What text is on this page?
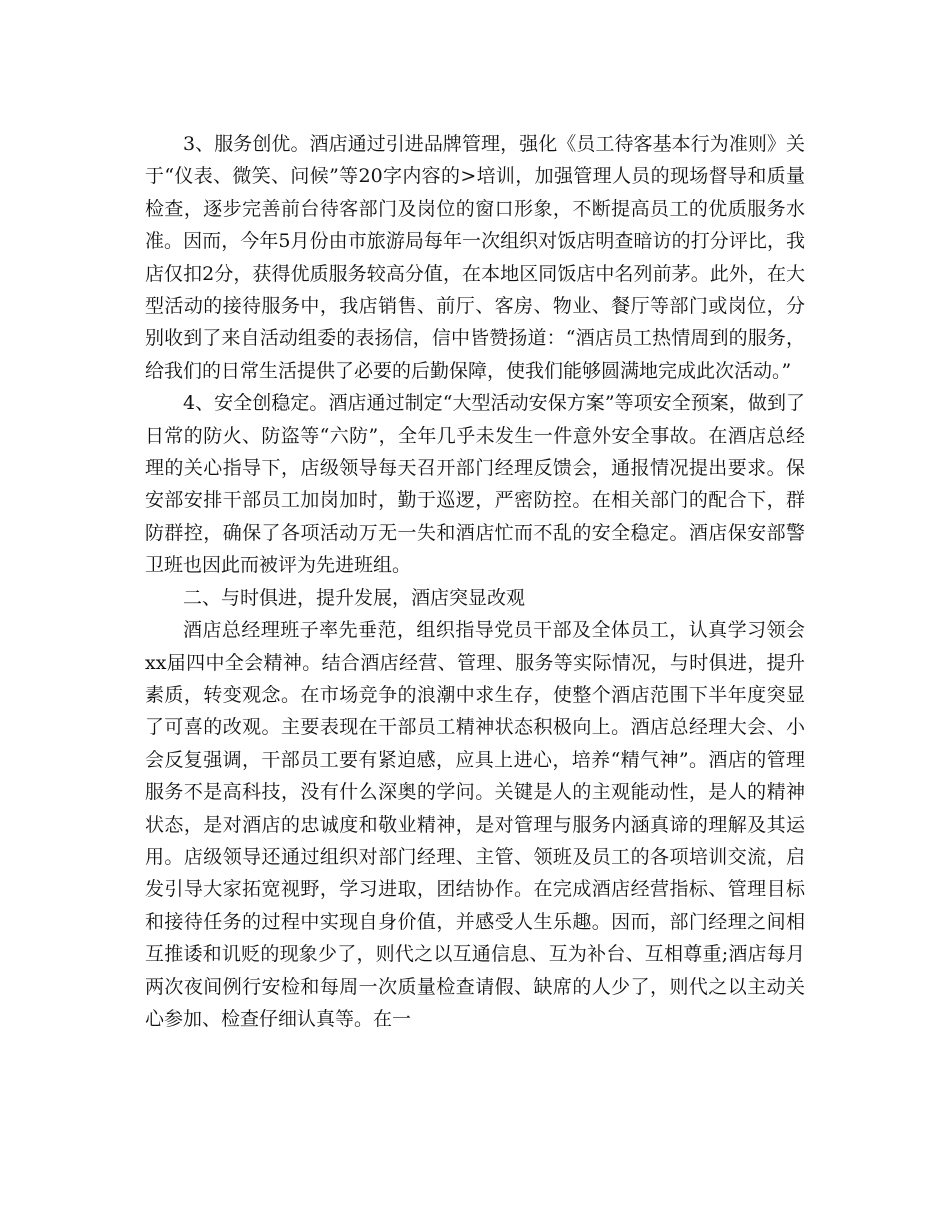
3、服务创优。酒店通过引进品牌管理，强化《员工待客基本行为准则》关于“仪表、微笑、问候”等20字内容的>培训，加强管理人员的现场督导和质量检查，逐步完善前台待客部门及岗位的窗口形象，不断提高员工的优质服务水准。因而，今年5月份由市旅游局每年一次组织对饭店明查暗访的打分评比，我店仅扣2分，获得优质服务较高分值，在本地区同饭店中名列前茅。此外，在大型活动的接待服务中，我店销售、前厅、客房、物业、餐厅等部门或岗位，分别收到了来自活动组委的表扬信，信中皆赞扬道：“酒店员工热情周到的服务，给我们的日常生活提供了必要的后勤保障，使我们能够圆满地完成此次活动。”

4、安全创稳定。酒店通过制定“大型活动安保方案”等项安全预案，做到了日常的防火、防盗等“六防”，全年几乎未发生一件意外安全事故。在酒店总经理的关心指导下，店级领导每天召开部门经理反馈会，通报情况提出要求。保安部安排干部员工加岗加时，勤于巡逻，严密防控。在相关部门的配合下，群防群控，确保了各项活动万无一失和酒店忙而不乱的安全稳定。酒店保安部警卫班也因此而被评为先进班组。

二、与时俱进，提升发展，酒店突显改观

酒店总经理班子率先垂范，组织指导党员干部及全体员工，认真学习领会xx届四中全会精神。结合酒店经营、管理、服务等实际情况，与时俱进，提升素质，转变观念。在市场竞争的浪潮中求生存，使整个酒店范围下半年度突显了可喜的改观。主要表现在干部员工精神状态积极向上。酒店总经理大会、小会反复强调，干部员工要有紧迫感，应具上进心，培养“精气神”。酒店的管理服务不是高科技，没有什么深奥的学问。关键是人的主观能动性，是人的精神状态，是对酒店的忠诚度和敬业精神，是对管理与服务内涵真谛的理解及其运用。店级领导还通过组织对部门经理、主管、领班及员工的各项培训交流，启发引导大家拓宽视野，学习进取，团结协作。在完成酒店经营指标、管理目标和接待任务的过程中实现自身价值，并感受人生乐趣。因而，部门经理之间相互推诿和讥贬的现象少了，则代之以互通信息、互为补台、互相尊重;酒店每月两次夜间例行安检和每周一次质量检查请假、缺席的人少了，则代之以主动关心参加、检查仔细认真等。在一
